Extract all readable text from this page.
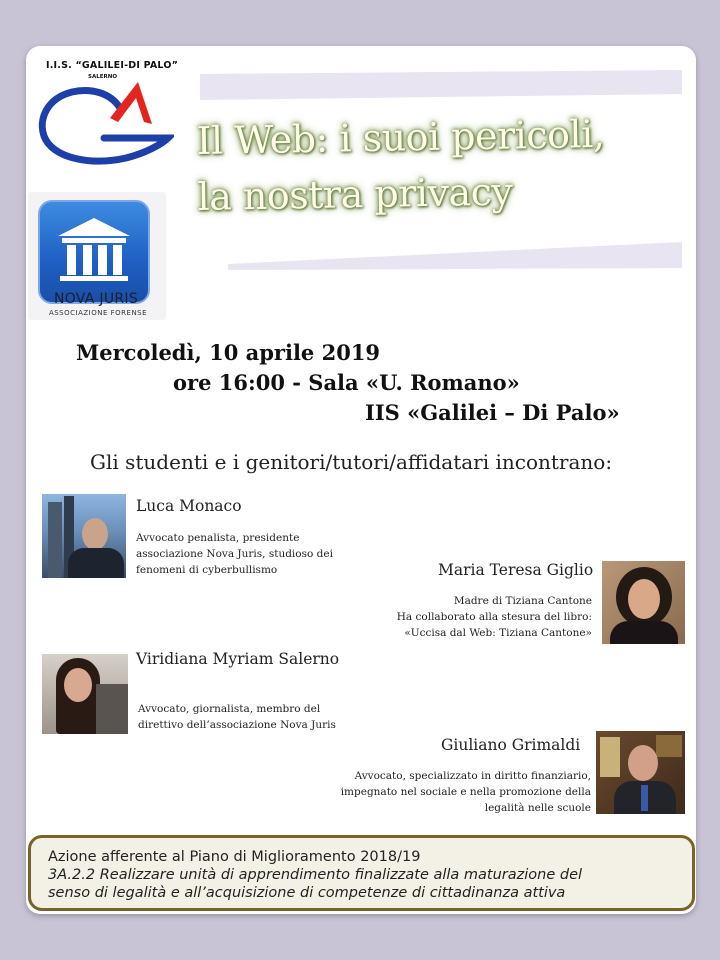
I.I.S. “GALILEI-DI PALO”
SALERNO
Il Web: i suoi pericoli,
la nostra privacy
NOVA JURIS
ASSOCIAZIONE FORENSE
Mercoledì, 10 aprile 2019
ore 16:00 - Sala «U. Romano»
IIS «Galilei – Di Palo»
Gli studenti e i genitori/tutori/affidatari incontrano:
Luca Monaco
Avvocato penalista, presidente
associazione Nova Juris, studioso dei
fenomeni di cyberbullismo	Maria Teresa Giglio
Madre di Tiziana Cantone
Ha collaborato alla stesura del libro:
«Uccisa dal Web: Tiziana Cantone»
Viridiana Myriam Salerno
Avvocato, giornalista, membro del
direttivo dell’associazione Nova Juris
Giuliano Grimaldi
Avvocato, specializzato in diritto finanziario,
impegnato nel sociale e nella promozione della
legalità nelle scuole
Azione afferente al Piano di Miglioramento 2018/19
3A.2.2 Realizzare unità di apprendimento finalizzate alla maturazione del
senso di legalità e all’acquisizione di competenze di cittadinanza attiva
